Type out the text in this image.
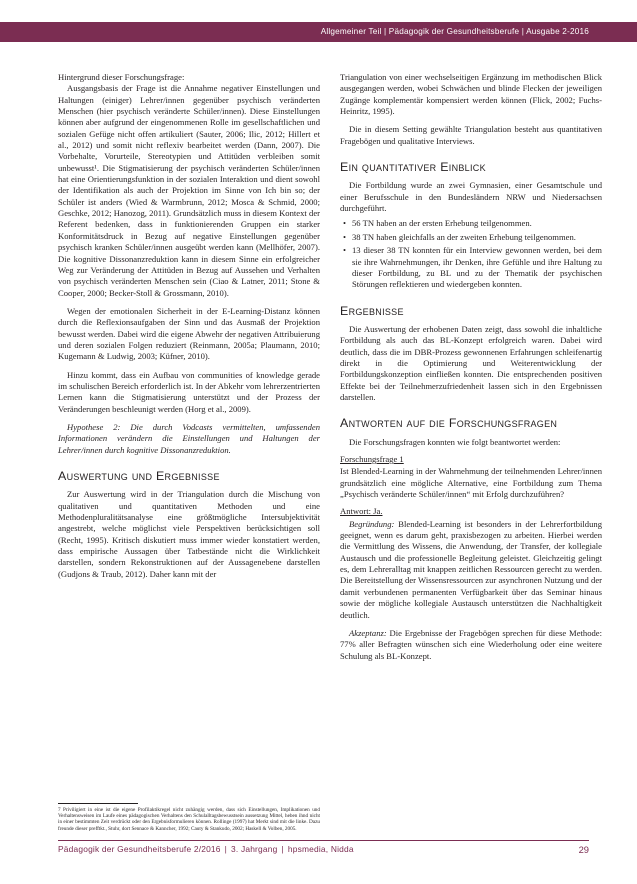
Allgemeiner Teil | Pädagogik der Gesundheitsberufe | Ausgabe 2-2016

Hintergrund dieser Forschungsfrage:

Ausgangsbasis der Frage ist die Annahme negativer Einstellungen und Haltungen (einiger) Lehrer/innen gegenüber psychisch veränderten Menschen (hier psychisch veränderte Schüler/innen). Diese Einstellungen können aber aufgrund der eingenommenen Rolle im gesellschaftlichen und sozialen Gefüge nicht offen artikuliert (Sauter, 2006; Ilic, 2012; Hillert et al., 2012) und somit nicht reflexiv bearbeitet werden (Dann, 2007). Die Vorbehalte, Vorurteile, Stereotypien und Attitüden verbleiben somit unbewusst¹. Die Stigmatisierung der psychisch veränderten Schüler/innen hat eine Orientierungsfunktion in der sozialen Interaktion und dient sowohl der Identifikation als auch der Projektion im Sinne von Ich bin so; der Schüler ist anders (Wied & Warmbrunn, 2012; Mosca & Schmid, 2000; Geschke, 2012; Hanozog, 2011). Grundsätzlich muss in diesem Kontext der Referent bedenken, dass in funktionierenden Gruppen ein starker Konformitätsdruck in Bezug auf negative Einstellungen gegenüber psychisch kranken Schüler/innen ausgeübt werden kann (Mellhöfer, 2007). Die kognitive Dissonanzreduktion kann in diesem Sinne ein erfolgreicher Weg zur Veränderung der Attitüden in Bezug auf Aussehen und Verhalten von psychisch veränderten Menschen sein (Ciao & Latner, 2011; Stone & Cooper, 2000; Becker-Stoll & Grossmann, 2010).

Wegen der emotionalen Sicherheit in der E-Learning-Distanz können durch die Reflexionsaufgaben der Sinn und das Ausmaß der Projektion bewusst werden. Dabei wird die eigene Abwehr der negativen Attribuierung und deren sozialen Folgen reduziert (Reinmann, 2005a; Plaumann, 2010; Kugemann & Ludwig, 2003; Küfner, 2010).

Hinzu kommt, dass ein Aufbau von communities of knowledge gerade im schulischen Bereich erforderlich ist. In der Abkehr vom lehrerzentrierten Lernen kann die Stigmatisierung unterstützt und der Prozess der Veränderungen beschleunigt werden (Horg et al., 2009).

Hypothese 2: Die durch Vodcasts vermittelten, umfassenden Informationen verändern die Einstellungen und Haltungen der Lehrer/innen durch kognitive Dissonanzreduktion.

Auswertung und Ergebnisse

Zur Auswertung wird in der Triangulation durch die Mischung von qualitativen und quantitativen Methoden und eine Methodenpluralitätsanalyse eine größtmögliche Intersubjektivität angestrebt, welche möglichst viele Perspektiven berücksichtigen soll (Recht, 1995). Kritisch diskutiert muss immer wieder konstatiert werden, dass empirische Aussagen über Tatbestände nicht die Wirklichkeit darstellen, sondern Rekonstruktionen auf der Aussagenebene darstellen (Gudjons & Traub, 2012). Daher kann mit der

7 Priviligiert in eine ist die eigene Profilaktikregel nicht zuhängig werden, dass sich Einstellungen, Implikationen und Verhaltensweisen im Laufe eines pädagogischen Verhaltens den Schulalltagsbewusstsein aussetzung Mittel, heben ihnd nicht in einer bestimmten Zeit verdrückt oder den Ergebnisformulieren können. Rollinge (1997) hat Merkt sind mit die linke. Dazu freunde dieser prefftkt., Stuhr, dort Sennace & Kanncher, 1992; Cauty & Stankudo, 2002; Haskell & Volben, 2005.

Triangulation von einer wechselseitigen Ergänzung im methodischen Blick ausgegangen werden, wobei Schwächen und blinde Flecken der jeweiligen Zugänge komplementär kompensiert werden können (Flick, 2002; Fuchs-Heinritz, 1995).

Die in diesem Setting gewählte Triangulation besteht aus quantitativen Fragebögen und qualitative Interviews.

Ein quantitativer Einblick

Die Fortbildung wurde an zwei Gymnasien, einer Gesamtschule und einer Berufsschule in den Bundesländern NRW und Niedersachsen durchgeführt.

• 56 TN haben an der ersten Erhebung teilgenommen.
• 38 TN haben gleichfalls an der zweiten Erhebung teilgenommen.
• 13 dieser 38 TN konnten für ein Interview gewonnen werden, bei dem sie ihre Wahrnehmungen, ihr Denken, ihre Gefühle und ihre Haltung zu dieser Fortbildung, zu BL und zu der Thematik der psychischen Störungen reflektieren und wiedergeben konnten.
Ergebnisse

Die Auswertung der erhobenen Daten zeigt, dass sowohl die inhaltliche Fortbildung als auch das BL-Konzept erfolgreich waren. Dabei wird deutlich, dass die im DBR-Prozess gewonnenen Erfahrungen schleifenartig direkt in die Optimierung und Weiterentwicklung der Fortbildungskonzeption einfließen konnten. Die entsprechenden positiven Effekte bei der Teilnehmerzufriedenheit lassen sich in den Ergebnissen darstellen.

Antworten auf die Forschungsfragen

Die Forschungsfragen konnten wie folgt beantwortet werden:

Forschungsfrage 1

Ist Blended-Learning in der Wahrnehmung der teilnehmenden Lehrer/innen grundsätzlich eine mögliche Alternative, eine Fortbildung zum Thema „Psychisch veränderte Schüler/innen“ mit Erfolg durchzuführen?

Antwort: Ja.

Begründung: Blended-Learning ist besonders in der Lehrerfortbildung geeignet, wenn es darum geht, praxisbezogen zu arbeiten. Hierbei werden die Vermittlung des Wissens, die Anwendung, der Transfer, der kollegiale Austausch und die professionelle Begleitung geleistet. Gleichzeitig gelingt es, dem Lehreralltag mit knappen zeitlichen Ressourcen gerecht zu werden. Die Bereitstellung der Wissensressourcen zur asynchronen Nutzung und der damit verbundenen permanenten Verfügbarkeit über das Seminar hinaus sowie der mögliche kollegiale Austausch unterstützen die Nachhaltigkeit deutlich.

Akzeptanz: Die Ergebnisse der Fragebögen sprechen für diese Methode: 77% aller Befragten wünschen sich eine Wiederholung oder eine weitere Schulung als BL-Konzept.

Pädagogik der Gesundheitsberufe 2/2016 | 3. Jahrgang | hpsmedia, Nidda	29
